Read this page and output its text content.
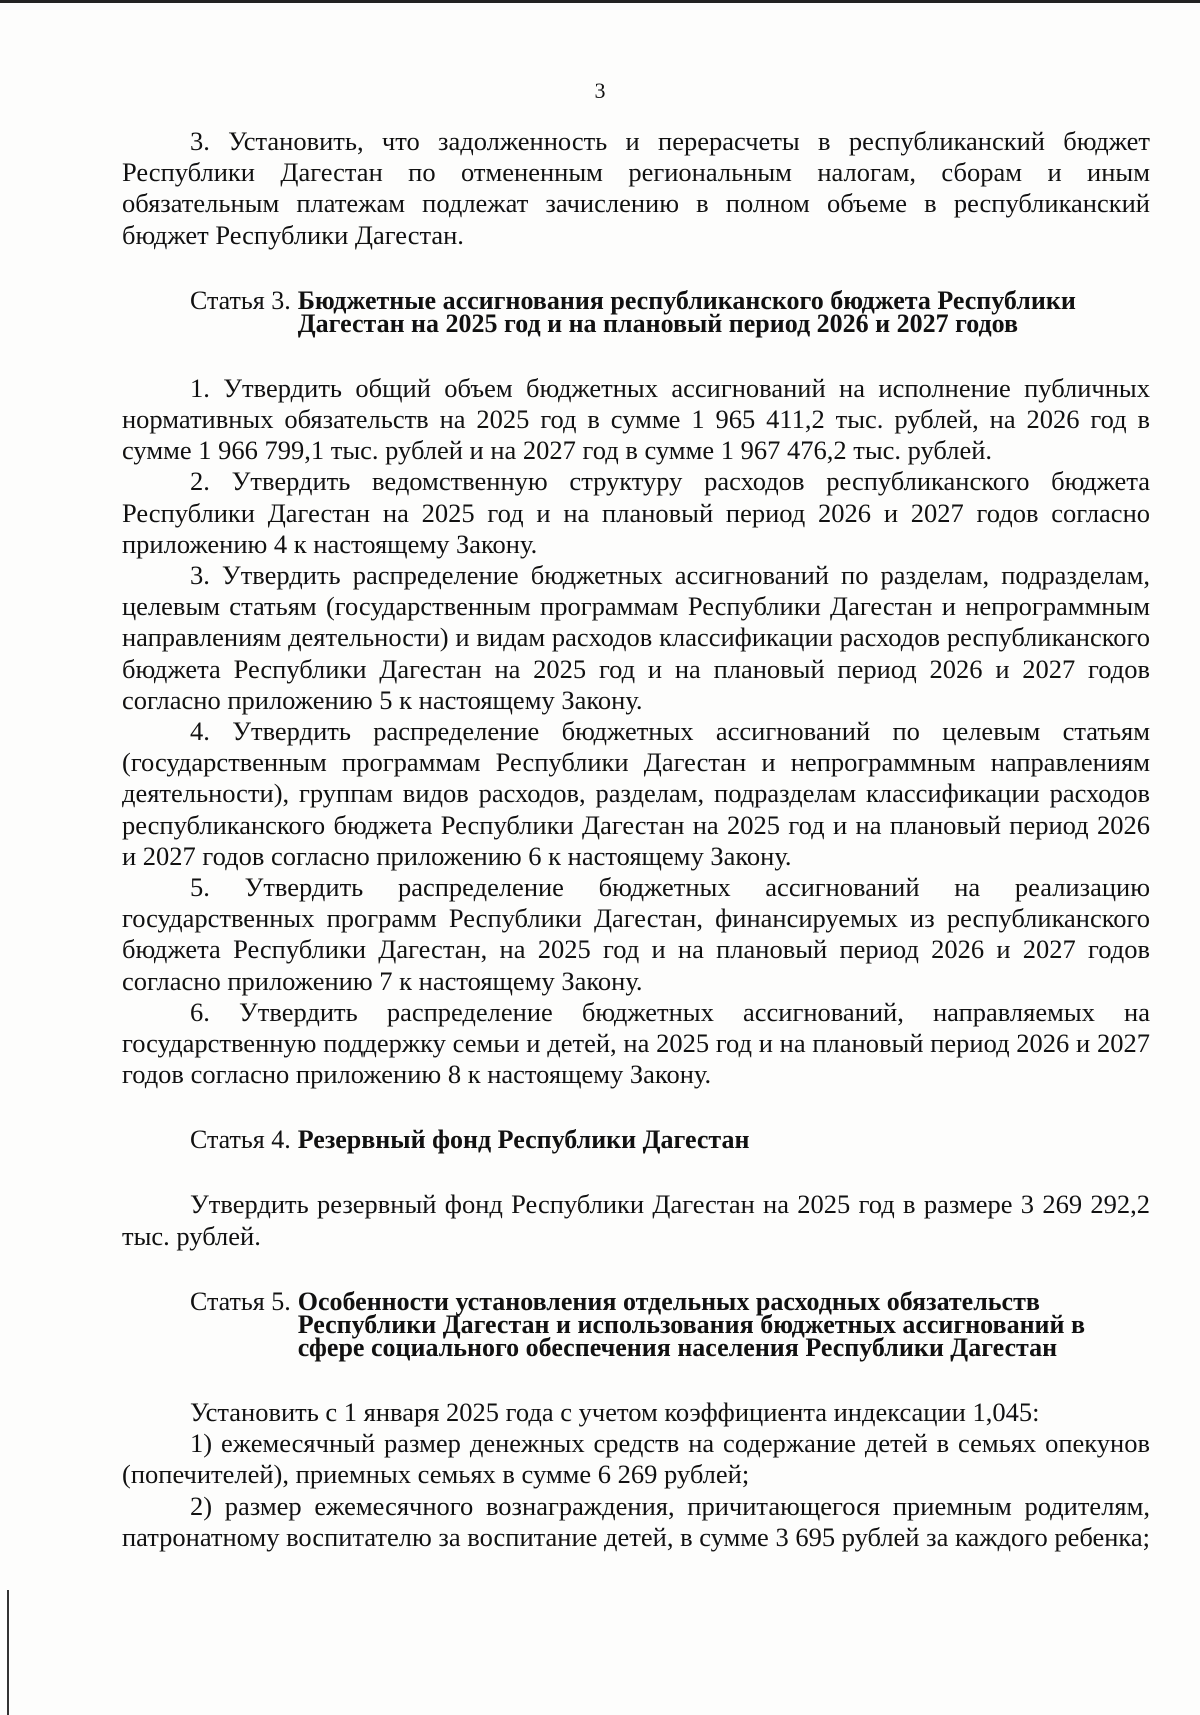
3

3. Установить, что задолженность и перерасчеты в республиканский бюджет Республики Дагестан по отмененным региональным налогам, сборам и иным обязательным платежам подлежат зачислению в полном объеме в республиканский бюджет Республики Дагестан.

Статья 3. Бюджетные ассигнования республиканского бюджета Республики Дагестан на 2025 год и на плановый период 2026 и 2027 годов

1. Утвердить общий объем бюджетных ассигнований на исполнение публичных нормативных обязательств на 2025 год в сумме 1 965 411,2 тыс. рублей, на 2026 год в сумме 1 966 799,1 тыс. рублей и на 2027 год в сумме 1 967 476,2 тыс. рублей.

2. Утвердить ведомственную структуру расходов республиканского бюджета Республики Дагестан на 2025 год и на плановый период 2026 и 2027 годов согласно приложению 4 к настоящему Закону.

3. Утвердить распределение бюджетных ассигнований по разделам, подразделам, целевым статьям (государственным программам Республики Дагестан и непрограммным направлениям деятельности) и видам расходов классификации расходов республиканского бюджета Республики Дагестан на 2025 год и на плановый период 2026 и 2027 годов согласно приложению 5 к настоящему Закону.

4. Утвердить распределение бюджетных ассигнований по целевым статьям (государственным программам Республики Дагестан и непрограммным направлениям деятельности), группам видов расходов, разделам, подразделам классификации расходов республиканского бюджета Республики Дагестан на 2025 год и на плановый период 2026 и 2027 годов согласно приложению 6 к настоящему Закону.

5. Утвердить распределение бюджетных ассигнований на реализацию государственных программ Республики Дагестан, финансируемых из республиканского бюджета Республики Дагестан, на 2025 год и на плановый период 2026 и 2027 годов согласно приложению 7 к настоящему Закону.

6. Утвердить распределение бюджетных ассигнований, направляемых на государственную поддержку семьи и детей, на 2025 год и на плановый период 2026 и 2027 годов согласно приложению 8 к настоящему Закону.

Статья 4. Резервный фонд Республики Дагестан

Утвердить резервный фонд Республики Дагестан на 2025 год в размере 3 269 292,2 тыс. рублей.

Статья 5. Особенности установления отдельных расходных обязательств Республики Дагестан и использования бюджетных ассигнований в сфере социального обеспечения населения Республики Дагестан

Установить с 1 января 2025 года с учетом коэффициента индексации 1,045:

1) ежемесячный размер денежных средств на содержание детей в семьях опекунов (попечителей), приемных семьях в сумме 6 269 рублей;

2) размер ежемесячного вознаграждения, причитающегося приемным родителям, патронатному воспитателю за воспитание детей, в сумме 3 695 рублей за каждого ребенка;
